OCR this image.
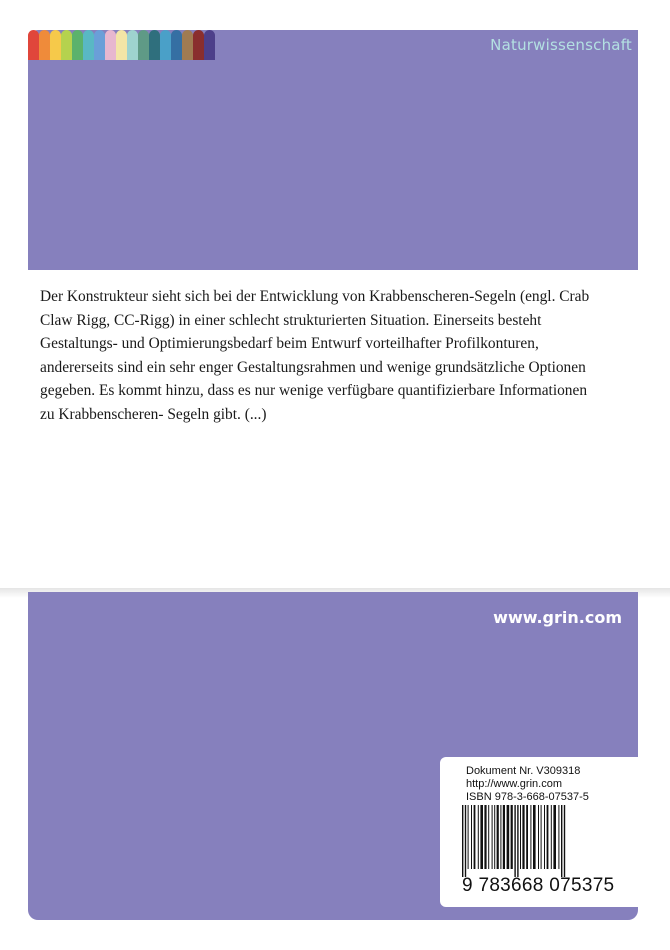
Naturwissenschaft
Der Konstrukteur sieht sich bei der Entwicklung von Krabbenscheren-Segeln (engl. Crab
Claw Rigg, CC-Rigg) in einer schlecht strukturierten Situation. Einerseits besteht
Gestaltungs- und Optimierungsbedarf beim Entwurf vorteilhafter Profilkonturen,
andererseits sind ein sehr enger Gestaltungsrahmen und wenige grundsätzliche Optionen
gegeben. Es kommt hinzu, dass es nur wenige verfügbare quantifizierbare Informationen
zu Krabbenscheren- Segeln gibt. (...)
www.grin.com
Dokument Nr. V309318
http://www.grin.com
ISBN 978-3-668-07537-5
9 783668 075375
